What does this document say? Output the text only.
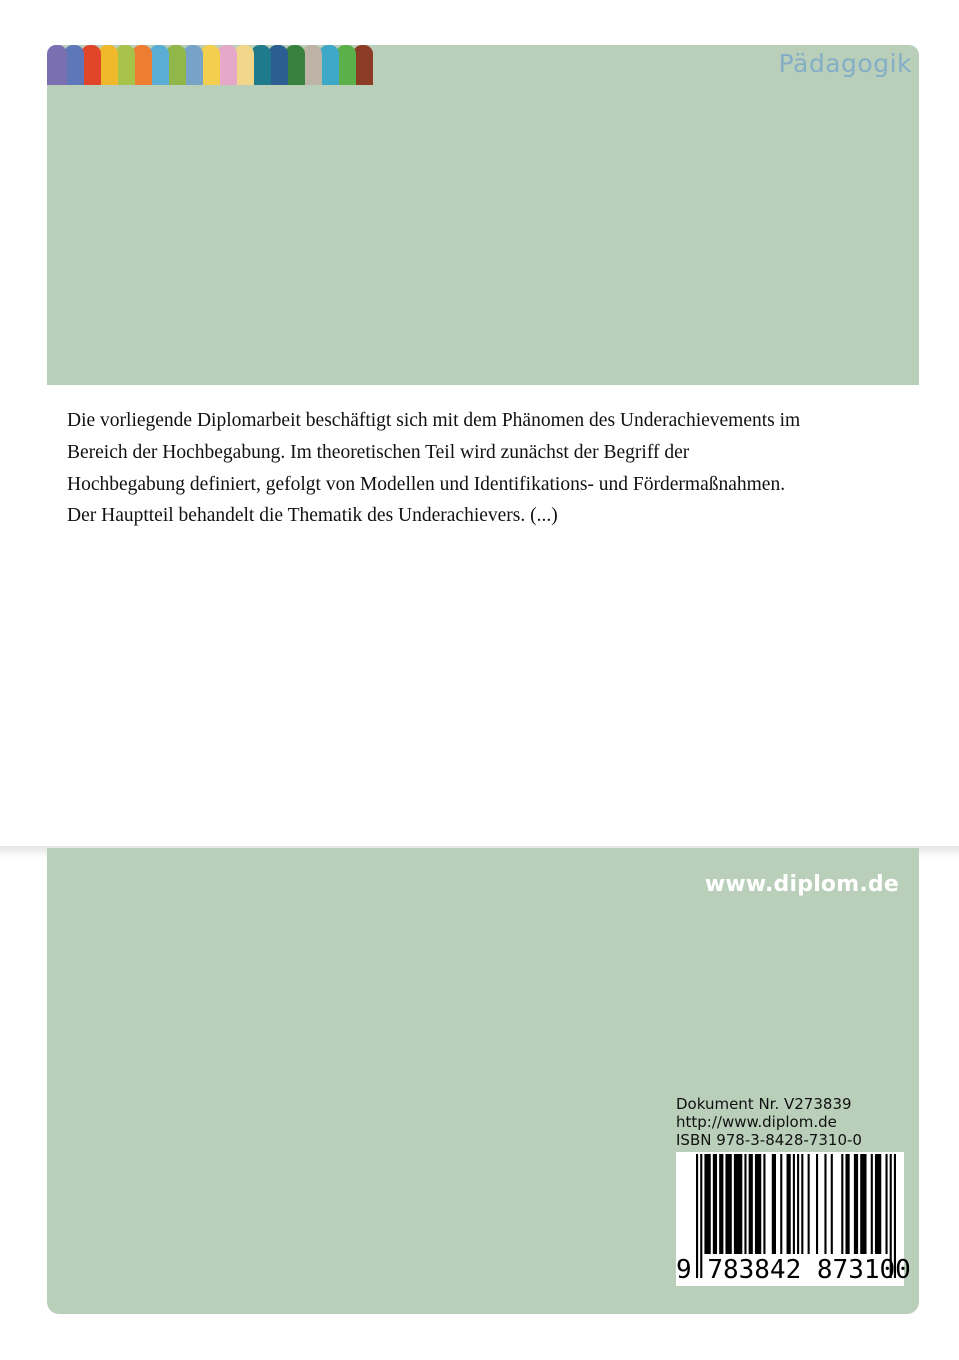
Pädagogik

Die vorliegende Diplomarbeit beschäftigt sich mit dem Phänomen des Underachievements im Bereich der Hochbegabung. Im theoretischen Teil wird zunächst der Begriff der Hochbegabung definiert, gefolgt von Modellen und Identifikations- und Fördermaßnahmen. Der Hauptteil behandelt die Thematik des Underachievers. (...)

www.diplom.de
Dokument Nr. V273839
http://www.diplom.de
ISBN 978-3-8428-7310-0
9 783842 873100
